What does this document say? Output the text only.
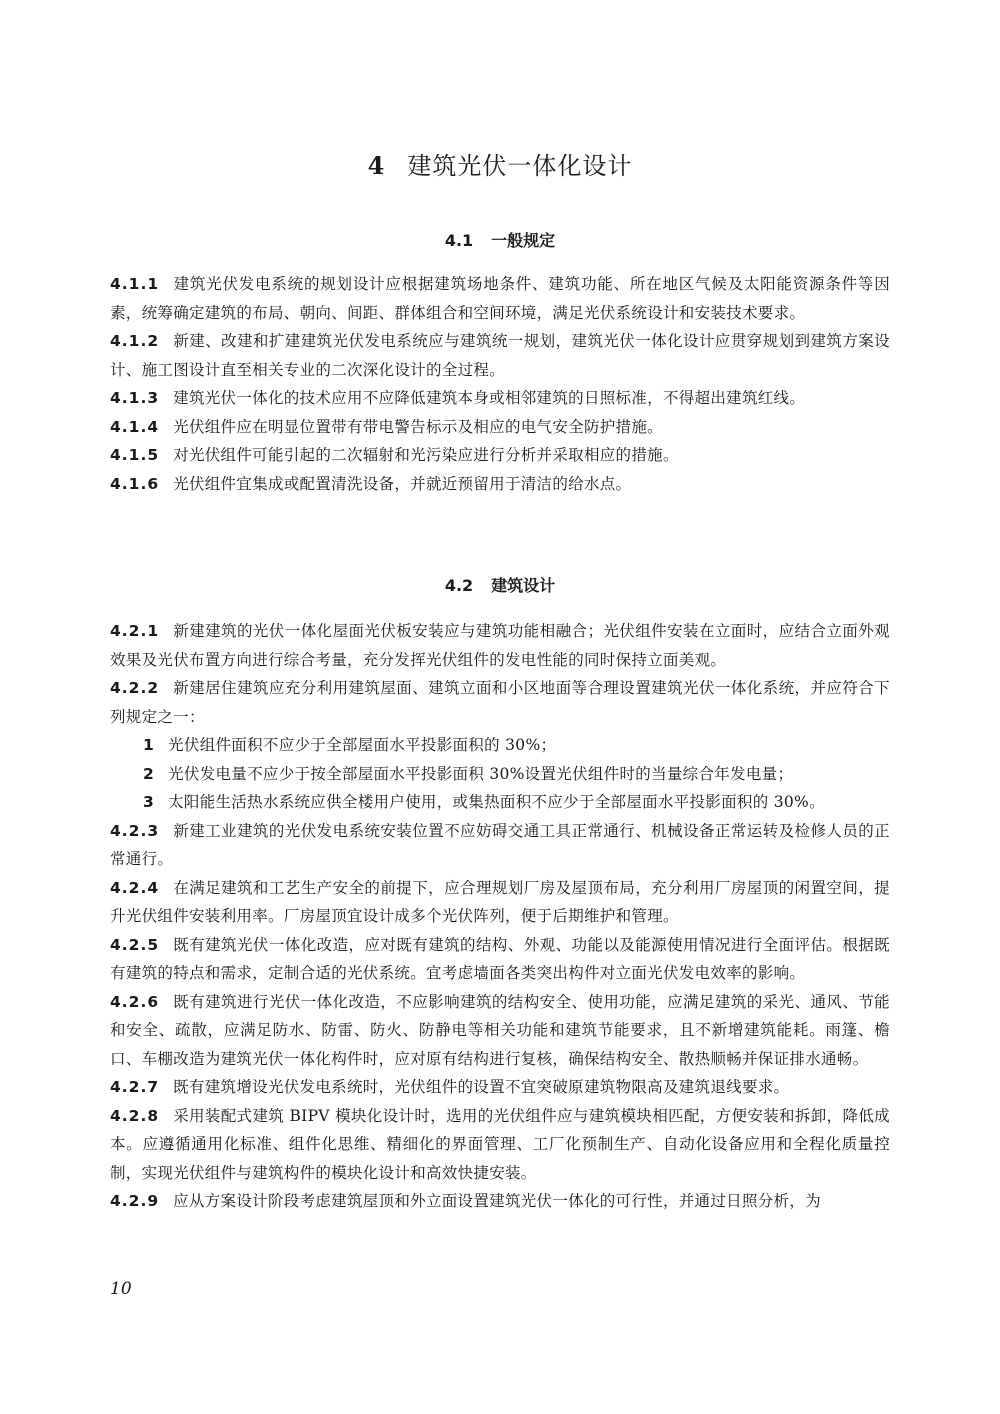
4 建筑光伏一体化设计
4.1 一般规定

4.1.1 建筑光伏发电系统的规划设计应根据建筑场地条件、建筑功能、所在地区气候及太阳能资源条件等因素，统筹确定建筑的布局、朝向、间距、群体组合和空间环境，满足光伏系统设计和安装技术要求。

4.1.2 新建、改建和扩建建筑光伏发电系统应与建筑统一规划，建筑光伏一体化设计应贯穿规划到建筑方案设计、施工图设计直至相关专业的二次深化设计的全过程。

4.1.3 建筑光伏一体化的技术应用不应降低建筑本身或相邻建筑的日照标准，不得超出建筑红线。

4.1.4 光伏组件应在明显位置带有带电警告标示及相应的电气安全防护措施。

4.1.5 对光伏组件可能引起的二次辐射和光污染应进行分析并采取相应的措施。

4.1.6 光伏组件宜集成或配置清洗设备，并就近预留用于清洁的给水点。

4.2 建筑设计

4.2.1 新建建筑的光伏一体化屋面光伏板安装应与建筑功能相融合；光伏组件安装在立面时，应结合立面外观效果及光伏布置方向进行综合考量，充分发挥光伏组件的发电性能的同时保持立面美观。

4.2.2 新建居住建筑应充分利用建筑屋面、建筑立面和小区地面等合理设置建筑光伏一体化系统，并应符合下列规定之一：

1 光伏组件面积不应少于全部屋面水平投影面积的 30%；

2 光伏发电量不应少于按全部屋面水平投影面积 30%设置光伏组件时的当量综合年发电量；

3 太阳能生活热水系统应供全楼用户使用，或集热面积不应少于全部屋面水平投影面积的 30%。

4.2.3 新建工业建筑的光伏发电系统安装位置不应妨碍交通工具正常通行、机械设备正常运转及检修人员的正常通行。

4.2.4 在满足建筑和工艺生产安全的前提下，应合理规划厂房及屋顶布局，充分利用厂房屋顶的闲置空间，提升光伏组件安装利用率。厂房屋顶宜设计成多个光伏阵列，便于后期维护和管理。

4.2.5 既有建筑光伏一体化改造，应对既有建筑的结构、外观、功能以及能源使用情况进行全面评估。根据既有建筑的特点和需求，定制合适的光伏系统。宜考虑墙面各类突出构件对立面光伏发电效率的影响。

4.2.6 既有建筑进行光伏一体化改造，不应影响建筑的结构安全、使用功能，应满足建筑的采光、通风、节能和安全、疏散，应满足防水、防雷、防火、防静电等相关功能和建筑节能要求，且不新增建筑能耗。雨篷、檐口、车棚改造为建筑光伏一体化构件时，应对原有结构进行复核，确保结构安全、散热顺畅并保证排水通畅。

4.2.7 既有建筑增设光伏发电系统时，光伏组件的设置不宜突破原建筑物限高及建筑退线要求。

4.2.8 采用装配式建筑 BIPV 模块化设计时，选用的光伏组件应与建筑模块相匹配，方便安装和拆卸，降低成本。应遵循通用化标准、组件化思维、精细化的界面管理、工厂化预制生产、自动化设备应用和全程化质量控制，实现光伏组件与建筑构件的模块化设计和高效快捷安装。

4.2.9 应从方案设计阶段考虑建筑屋顶和外立面设置建筑光伏一体化的可行性，并通过日照分析，为

10
